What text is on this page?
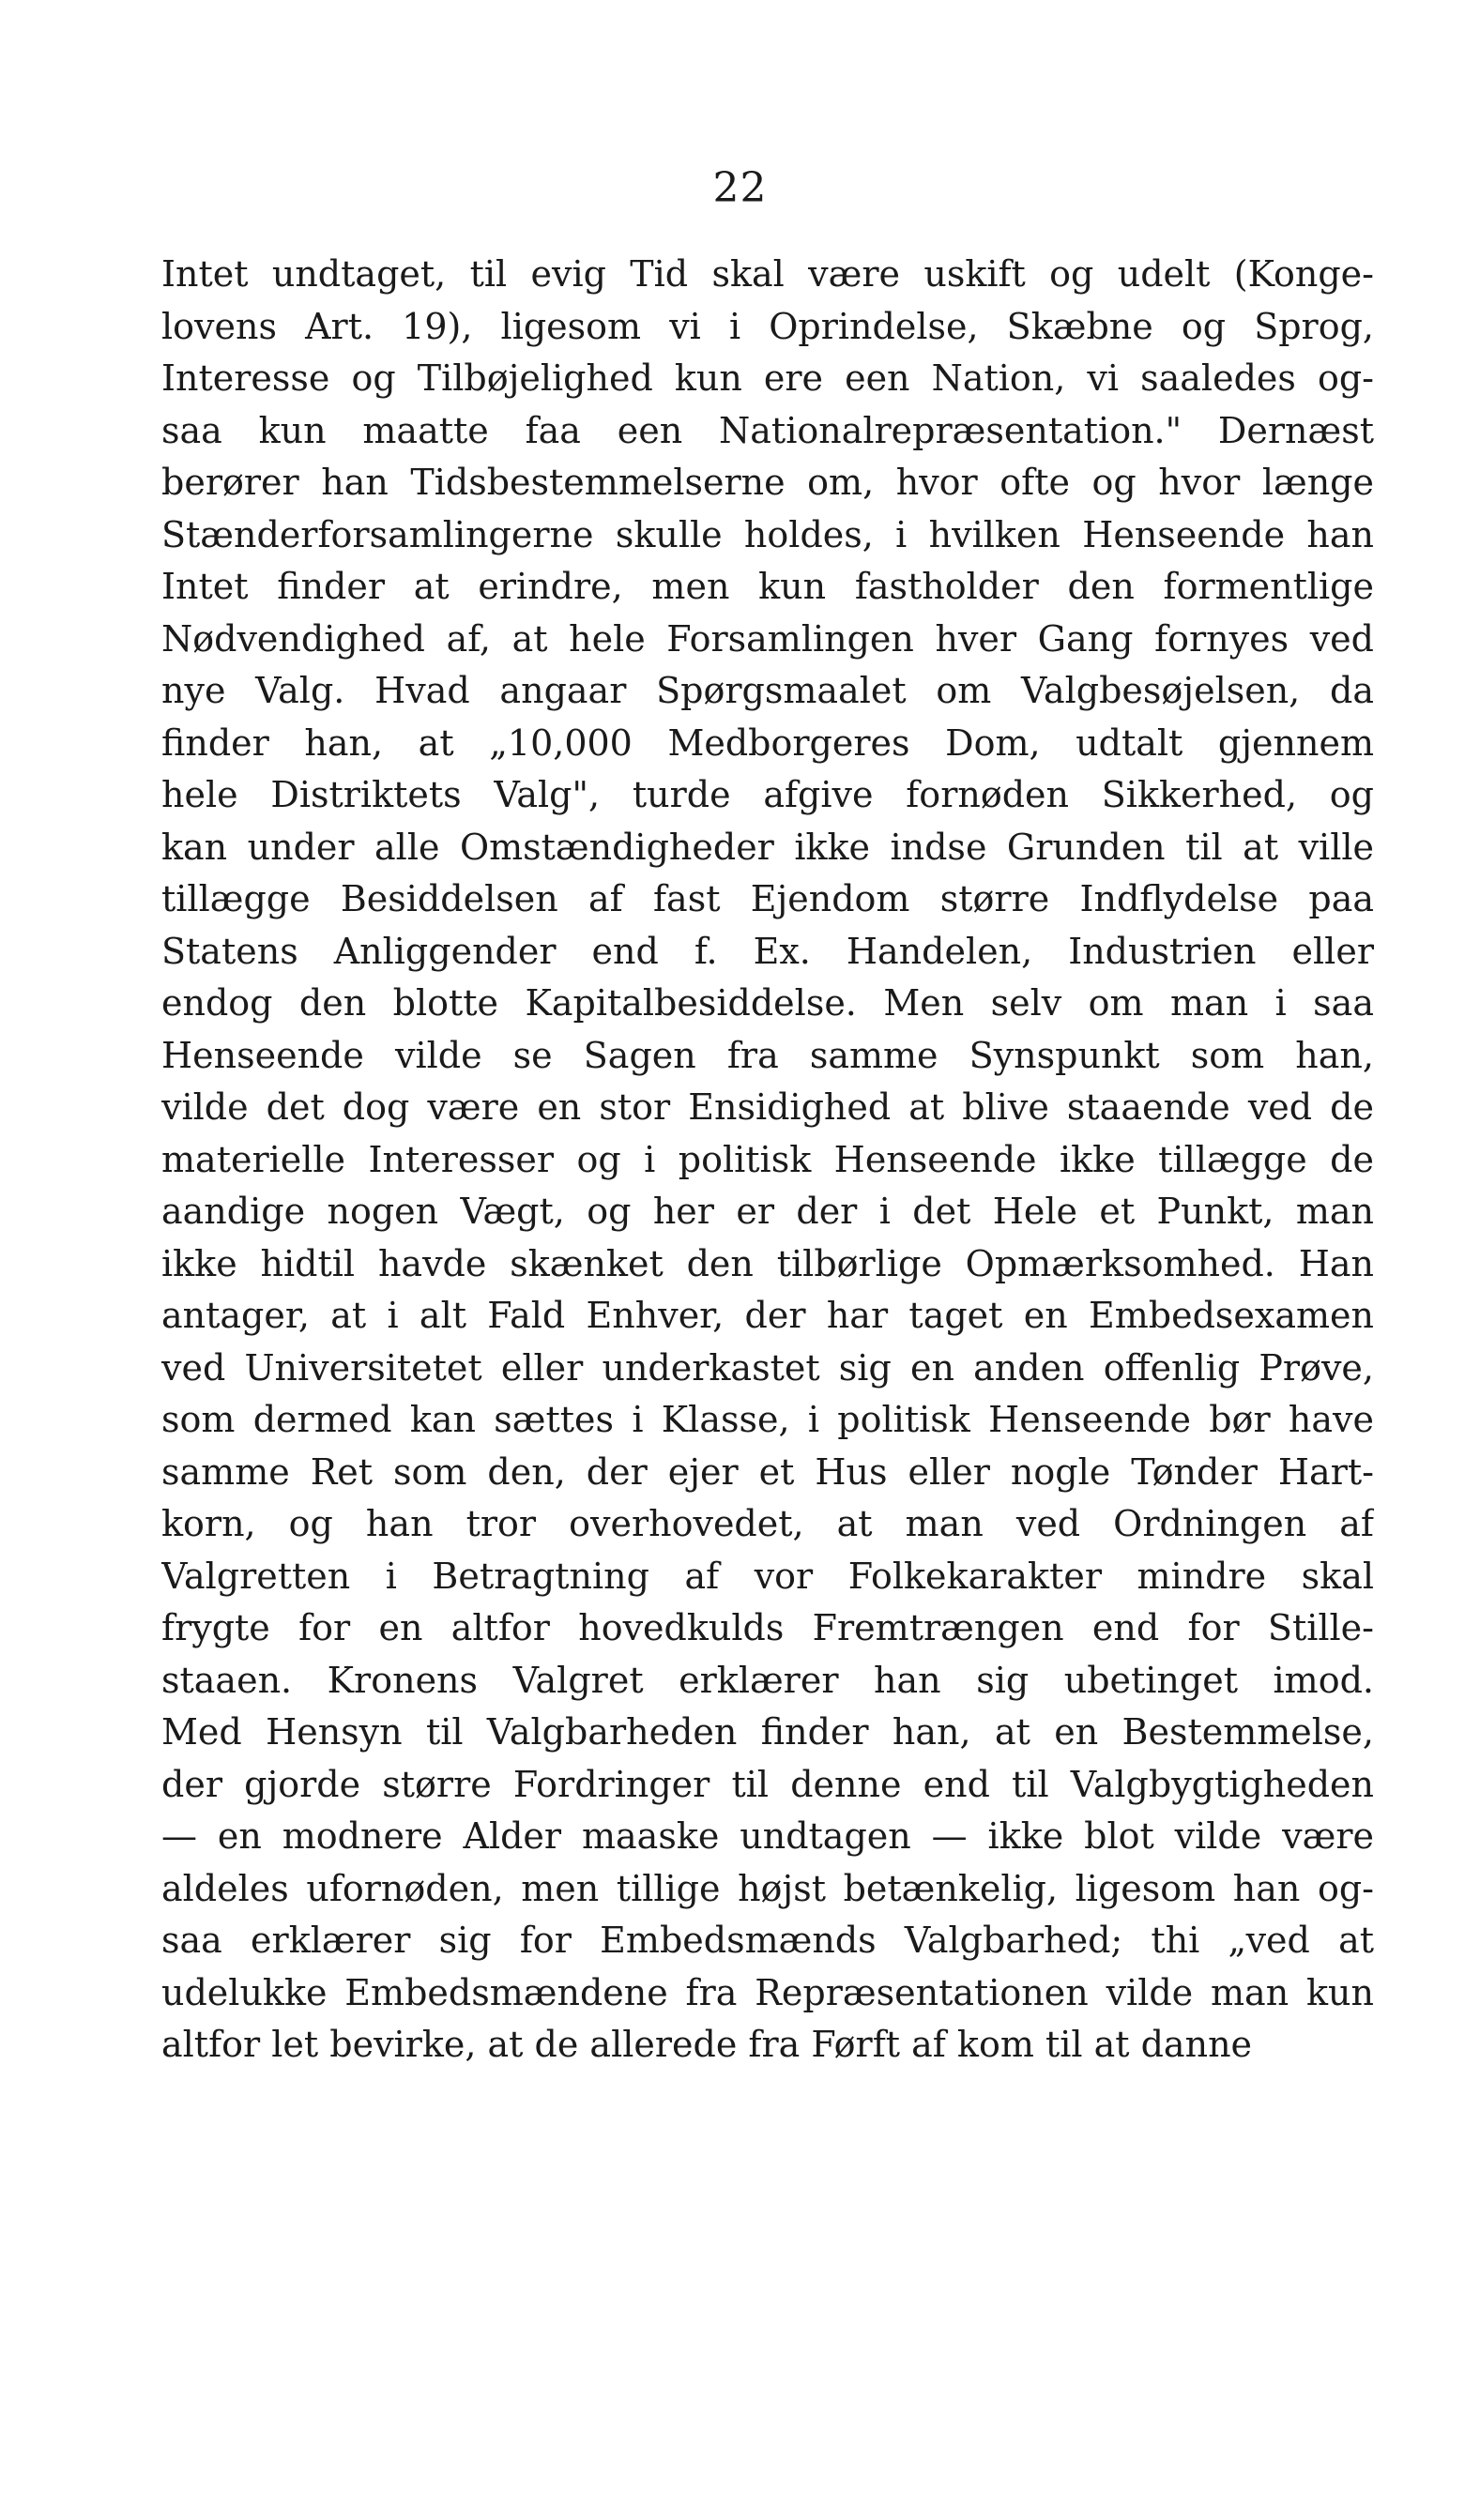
22
Intet undtaget, til evig Tid skal være uskift og udelt (Konge-
lovens Art. 19), ligesom vi i Oprindelse, Skæbne og Sprog,
Interesse og Tilbøjelighed kun ere een Nation, vi saaledes og-
saa kun maatte faa een Nationalrepræsentation." Dernæst
berører han Tidsbestemmelserne om, hvor ofte og hvor længe
Stænderforsamlingerne skulle holdes, i hvilken Henseende han
Intet finder at erindre, men kun fastholder den formentlige
Nødvendighed af, at hele Forsamlingen hver Gang fornyes ved
nye Valg. Hvad angaar Spørgsmaalet om Valgbesøjelsen, da
finder han, at „10,000 Medborgeres Dom, udtalt gjennem
hele Distriktets Valg", turde afgive fornøden Sikkerhed, og
kan under alle Omstændigheder ikke indse Grunden til at ville
tillægge Besiddelsen af fast Ejendom større Indflydelse paa
Statens Anliggender end f. Ex. Handelen, Industrien eller
endog den blotte Kapitalbesiddelse. Men selv om man i saa
Henseende vilde se Sagen fra samme Synspunkt som han,
vilde det dog være en stor Ensidighed at blive staaende ved de
materielle Interesser og i politisk Henseende ikke tillægge de
aandige nogen Vægt, og her er der i det Hele et Punkt, man
ikke hidtil havde skænket den tilbørlige Opmærksomhed. Han
antager, at i alt Fald Enhver, der har taget en Embedsexamen
ved Universitetet eller underkastet sig en anden offenlig Prøve,
som dermed kan sættes i Klasse, i politisk Henseende bør have
samme Ret som den, der ejer et Hus eller nogle Tønder Hart-
korn, og han tror overhovedet, at man ved Ordningen af
Valgretten i Betragtning af vor Folkekarakter mindre skal
frygte for en altfor hovedkulds Fremtrængen end for Stille-
staaen. Kronens Valgret erklærer han sig ubetinget imod.
Med Hensyn til Valgbarheden finder han, at en Bestemmelse,
der gjorde større Fordringer til denne end til Valgbygtigheden
— en modnere Alder maaske undtagen — ikke blot vilde være
aldeles ufornøden, men tillige højst betænkelig, ligesom han og-
saa erklærer sig for Embedsmænds Valgbarhed; thi „ved at
udelukke Embedsmændene fra Repræsentationen vilde man kun
altfor let bevirke, at de allerede fra Førft af kom til at danne
